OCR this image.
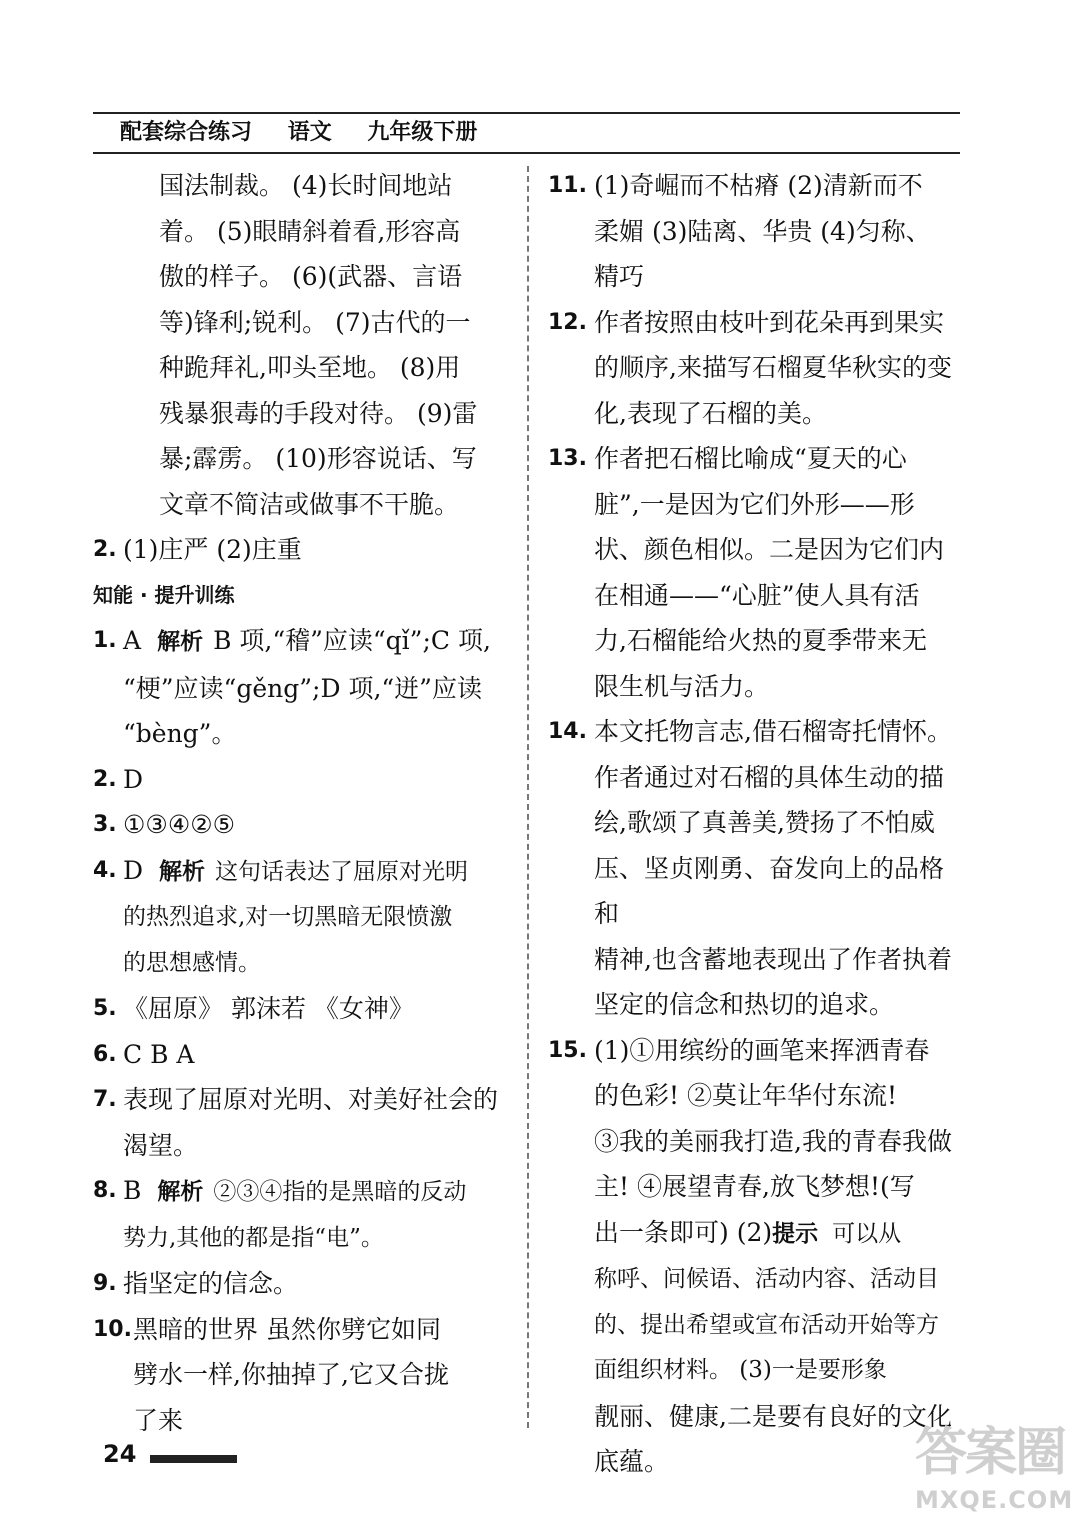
配套综合练习 语文 九年级下册
国法制裁。 (4)长时间地站
着。 (5)眼睛斜着看,形容高
傲的样子。 (6)(武器、言语
等)锋利;锐利。 (7)古代的一
种跪拜礼,叩头至地。 (8)用
残暴狠毒的手段对待。 (9)雷
暴;霹雳。 (10)形容说话、写
文章不简洁或做事不干脆。
2. (1)庄严 (2)庄重
知能 · 提升训练
1. A 解析 B 项,“稽”应读“qǐ”;C 项,
“梗”应读“gěng”;D 项,“迸”应读
“bèng”。
2. D
3. ①③④②⑤
4. D 解析 这句话表达了屈原对光明
的热烈追求,对一切黑暗无限愤激
的思想感情。
5. 《屈原》 郭沫若 《女神》
6. C B A
7. 表现了屈原对光明、对美好社会的
渴望。
8. B 解析 ②③④指的是黑暗的反动
势力,其他的都是指“电”。
9. 指坚定的信念。
10. 黑暗的世界 虽然你劈它如同
劈水一样,你抽掉了,它又合拢
了来
11. (1)奇崛而不枯瘠 (2)清新而不
柔媚 (3)陆离、华贵 (4)匀称、
精巧
12. 作者按照由枝叶到花朵再到果实
的顺序,来描写石榴夏华秋实的变
化,表现了石榴的美。
13. 作者把石榴比喻成“夏天的心
脏”,一是因为它们外形——形
状、颜色相似。二是因为它们内
在相通——“心脏”使人具有活
力,石榴能给火热的夏季带来无
限生机与活力。
14. 本文托物言志,借石榴寄托情怀。
作者通过对石榴的具体生动的描
绘,歌颂了真善美,赞扬了不怕威
压、坚贞刚勇、奋发向上的品格和
精神,也含蓄地表现出了作者执着
坚定的信念和热切的追求。
15. (1)①用缤纷的画笔来挥洒青春
的色彩! ②莫让年华付东流!
③我的美丽我打造,我的青春我做
主! ④展望青春,放飞梦想!(写
出一条即可) (2)提示 可以从
称呼、问候语、活动内容、活动目
的、提出希望或宣布活动开始等方
面组织材料。 (3)一是要形象
靓丽、健康,二是要有良好的文化
底蕴。
24	答案圈
MXQE.COM
